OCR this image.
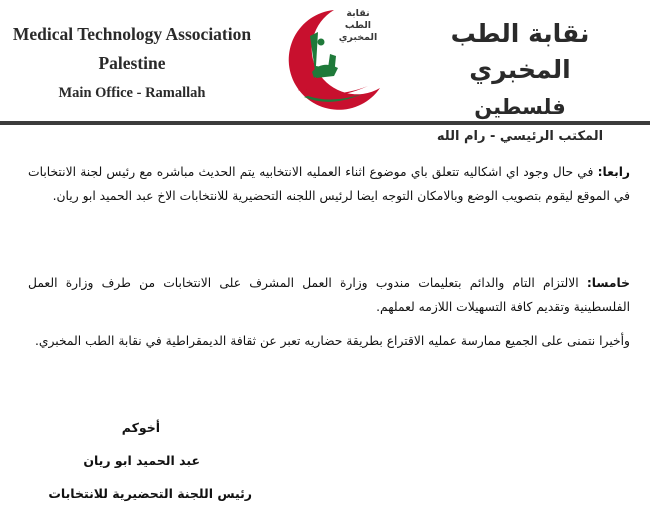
Medical Technology Association
Palestine
Main Office - Ramallah
نقابة
الطب
المخبري	نقابة الطب المخبري
فلسطين
المكتب الرئيسي - رام الله
رابعا: في حال وجود اي اشكاليه تتعلق باي موضوع اثناء العمليه الانتخابيه يتم الحديث مباشره مع رئيس لجنة الانتخابات في الموقع ليقوم بتصويب الوضع وبالامكان التوجه ايضا لرئيس اللجنه التحضيرية للانتخابات الاخ عبد الحميد ابو ريان.
خامسا: الالتزام التام والدائم بتعليمات مندوب وزارة العمل المشرف على الانتخابات من طرف وزارة العمل الفلسطينية وتقديم كافة التسهيلات اللازمه لعملهم.
وأخيرا نتمنى على الجميع ممارسة عمليه الاقتراع بطريقة حضاريه تعبر عن ثقافة الديمقراطية في نقابة الطب المخبري.
أخوكم
عبد الحميد ابو ريان
رئيس اللجنة التحضيرية للانتخابات
